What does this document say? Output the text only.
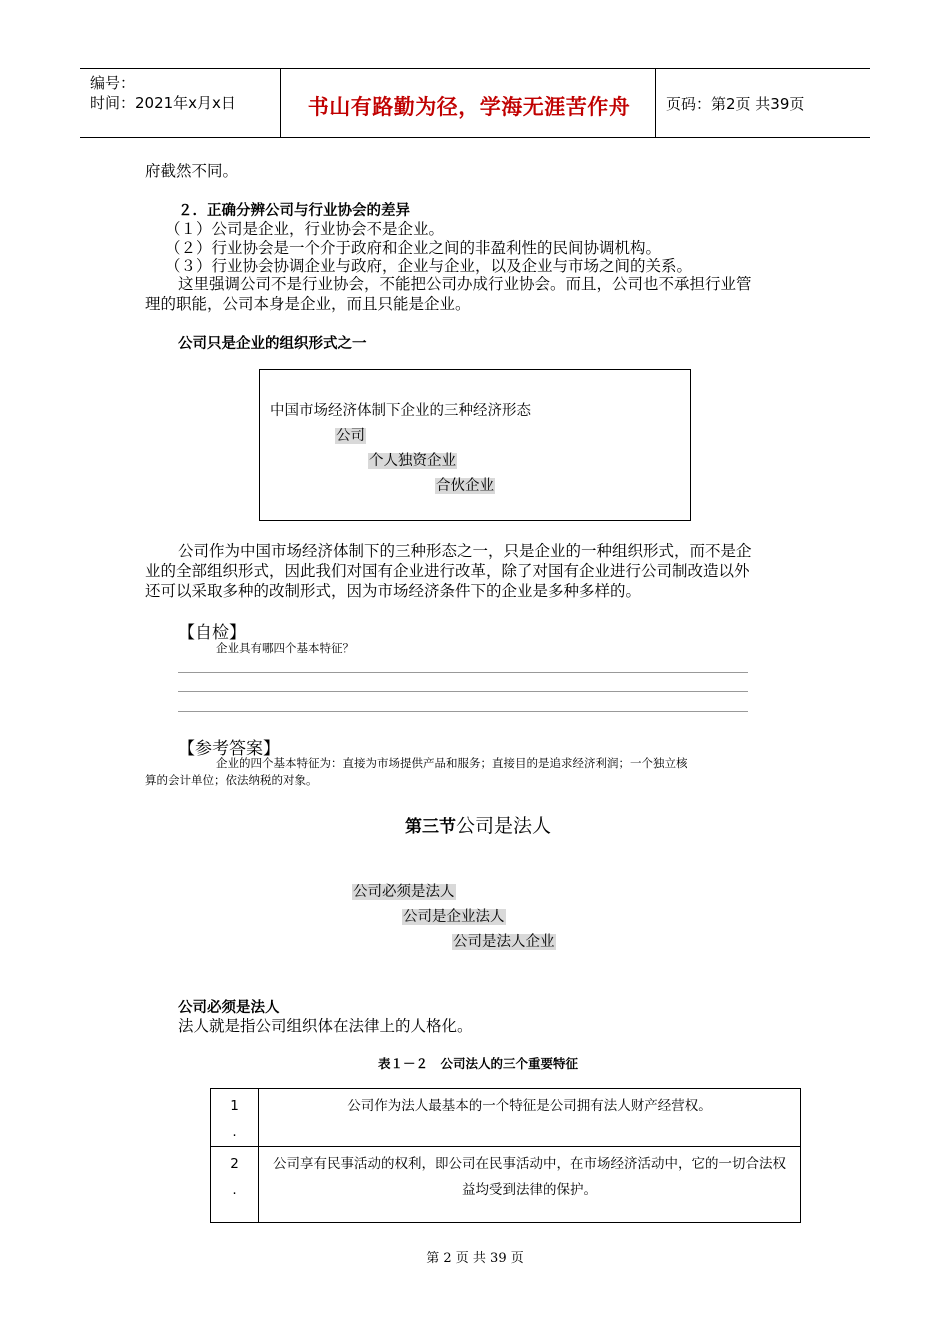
编号：
时间：2021年x月x日	书山有路勤为径，学海无涯苦作舟	页码：第2页 共39页
府截然不同。
２．正确分辨公司与行业协会的差异
（１）公司是企业，行业协会不是企业。
（２）行业协会是一个介于政府和企业之间的非盈利性的民间协调机构。
（３）行业协会协调企业与政府，企业与企业，以及企业与市场之间的关系。
这里强调公司不是行业协会，不能把公司办成行业协会。而且，公司也不承担行业管
理的职能，公司本身是企业，而且只能是企业。
公司只是企业的组织形式之一
中国市场经济体制下企业的三种经济形态
公司
个人独资企业
合伙企业
公司作为中国市场经济体制下的三种形态之一，只是企业的一种组织形式，而不是企
业的全部组织形式，因此我们对国有企业进行改革，除了对国有企业进行公司制改造以外
还可以采取多种的改制形式，因为市场经济条件下的企业是多种多样的。
【自检】
企业具有哪四个基本特征？
【参考答案】
企业的四个基本特征为：直接为市场提供产品和服务；直接目的是追求经济利润；一个独立核
算的会计单位；依法纳税的对象。
第三节公司是法人
公司必须是法人
公司是企业法人
公司是法人企业
公司必须是法人
法人就是指公司组织体在法律上的人格化。
表１－２　公司法人的三个重要特征
1
.	公司作为法人最基本的一个特征是公司拥有法人财产经营权。

2
.	公司享有民事活动的权利，即公司在民事活动中，在市场经济活动中，它的一切合法权益均受到法律的保护。
第 2 页 共 39 页
